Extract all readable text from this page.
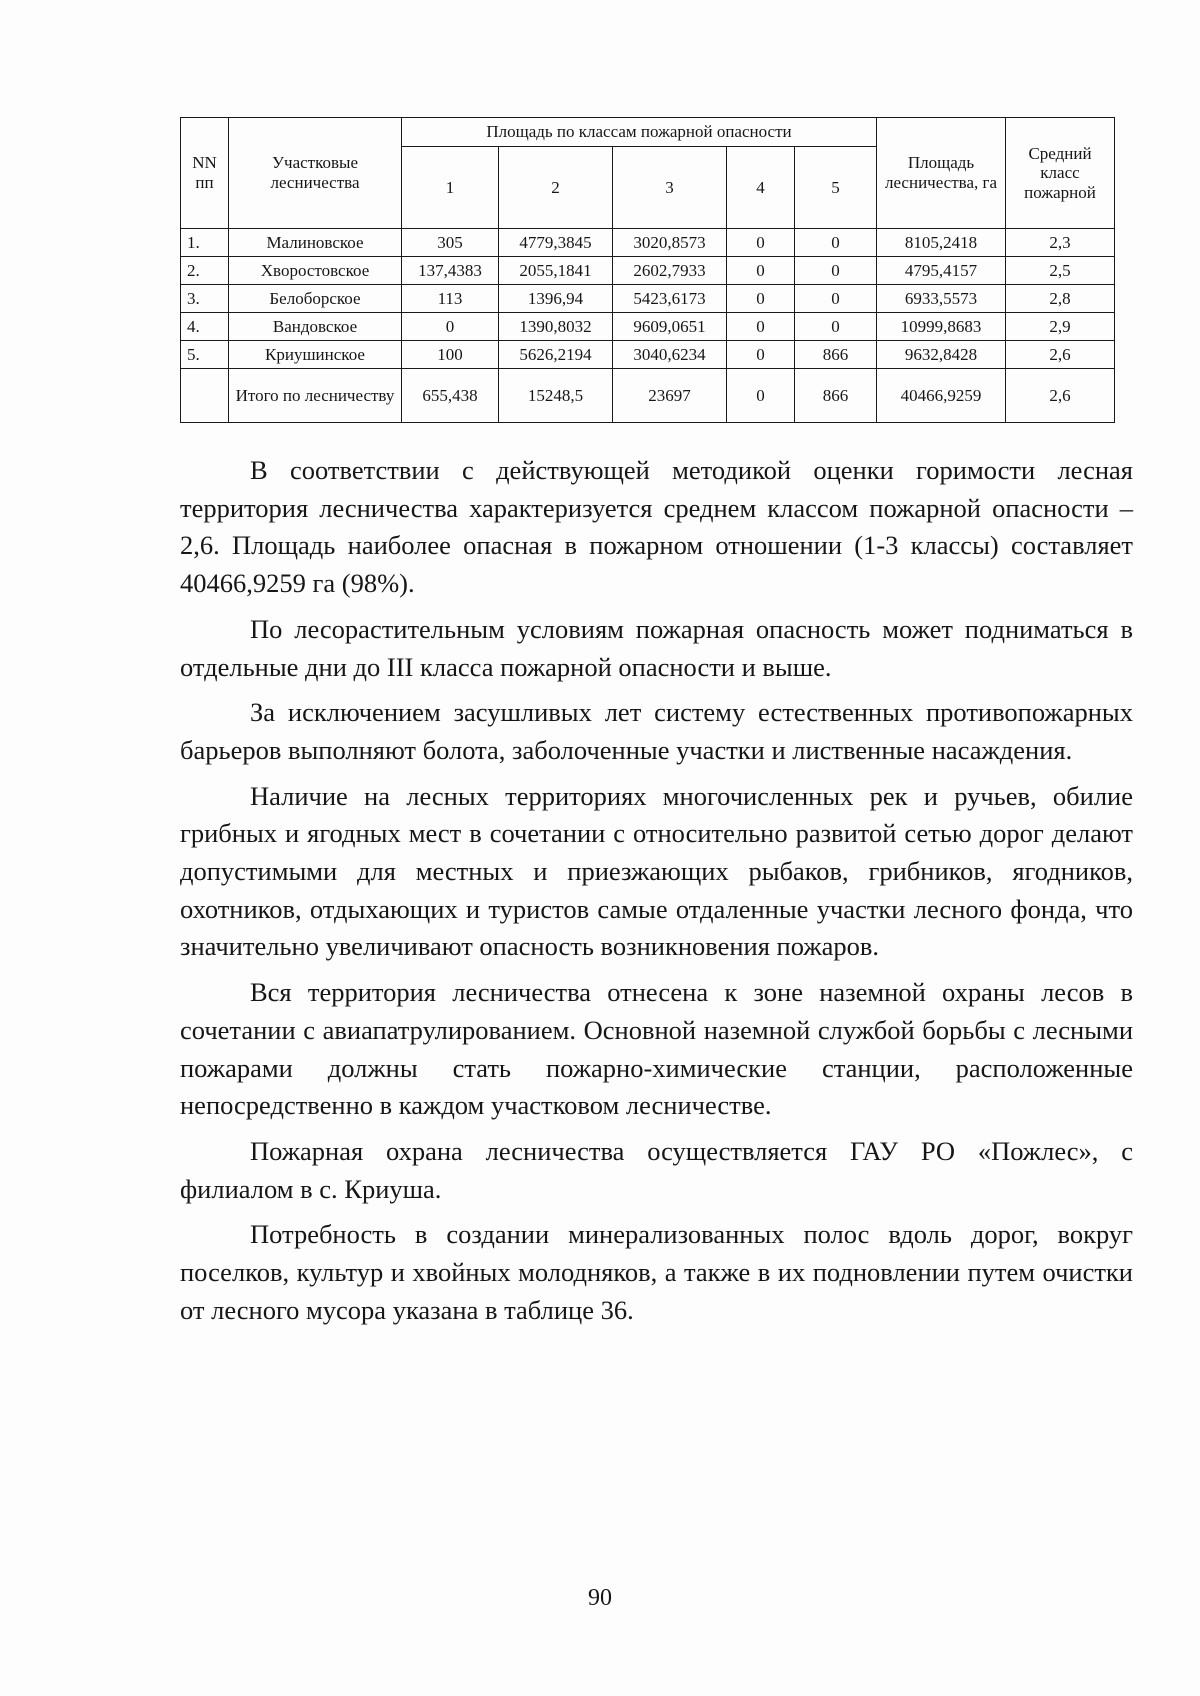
NN пп	Участковые лесничества	Площадь по классам пожарной опасности					Площадь лесничества, га	Средний класс пожарной
		1	2	3	4	5		
1.	Малиновское	305	4779,3845	3020,8573	0	0	8105,2418	2,3
2.	Хворостовское	137,4383	2055,1841	2602,7933	0	0	4795,4157	2,5
3.	Белоборское	113	1396,94	5423,6173	0	0	6933,5573	2,8
4.	Вандовское	0	1390,8032	9609,0651	0	0	10999,8683	2,9
5.	Криушинское	100	5626,2194	3040,6234	0	866	9632,8428	2,6
	Итого по лесничеству	655,438	15248,5	23697	0	866	40466,9259	2,6

В соответствии с действующей методикой оценки горимости лесная территория лесничества характеризуется среднем классом пожарной опасности – 2,6. Площадь наиболее опасная в пожарном отношении (1-3 классы) составляет 40466,9259 га (98%).

По лесорастительным условиям пожарная опасность может подниматься в отдельные дни до III класса пожарной опасности и выше.

За исключением засушливых лет систему естественных противопожарных барьеров выполняют болота, заболоченные участки и лиственные насаждения.

Наличие на лесных территориях многочисленных рек и ручьев, обилие грибных и ягодных мест в сочетании с относительно развитой сетью дорог делают допустимыми для местных и приезжающих рыбаков, грибников, ягодников, охотников, отдыхающих и туристов самые отдаленные участки лесного фонда, что значительно увеличивают опасность возникновения пожаров.

Вся территория лесничества отнесена к зоне наземной охраны лесов в сочетании с авиапатрулированием. Основной наземной службой борьбы с лесными пожарами должны стать пожарно-химические станции, расположенные непосредственно в каждом участковом лесничестве.

Пожарная охрана лесничества осуществляется ГАУ РО «Пожлес», с филиалом в с. Криуша.

Потребность в создании минерализованных полос вдоль дорог, вокруг поселков, культур и хвойных молодняков, а также в их подновлении путем очистки от лесного мусора указана в таблице 36.

90
